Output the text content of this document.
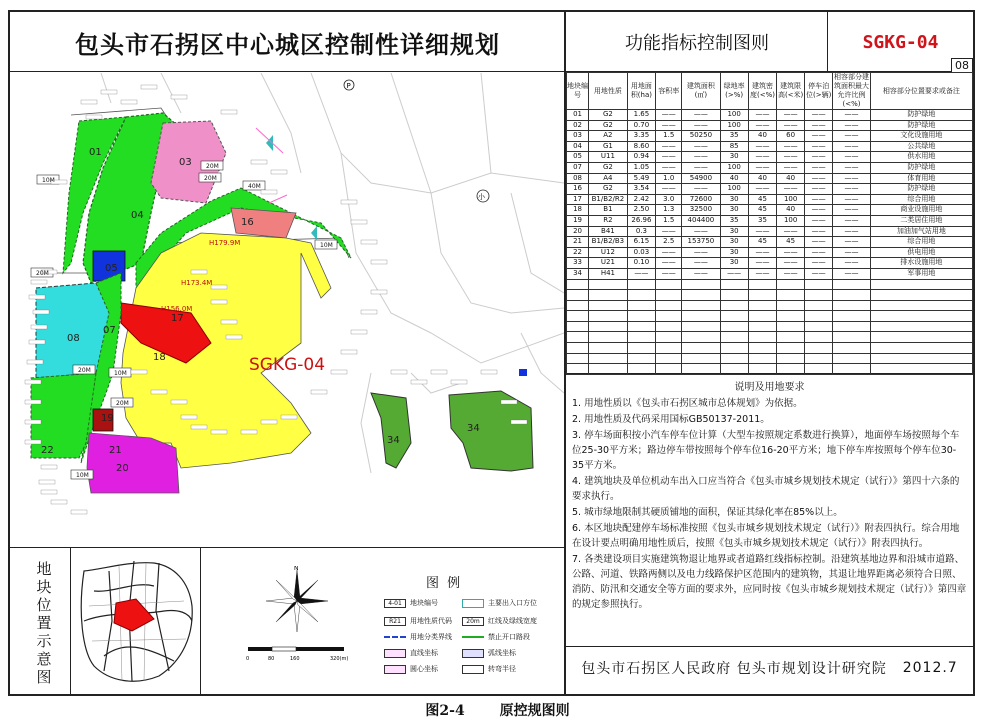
包头市石拐区中心城区控制性详细规划	功能指标控制图则	SGKG-04
08
地块编号	用地性质	用地面积(ha)	容积率	建筑面积(㎡)	绿地率(>%)	建筑密度(<%)	建筑限高(<米)	停车泊位(>辆)	相容部分建筑面积最大允许比例(<%)	相容部分位置要求或备注
01	G2	1.65	——	——	100	——	——	——	——	防护绿地
02	G2	0.70	——	——	100	——	——	——	——	防护绿地
03	A2	3.35	1.5	50250	35	40	60	——	——	文化设施用地
04	G1	8.60	——	——	85	——	——	——	——	公共绿地
05	U11	0.94	——	——	30	——	——	——	——	供水用地
07	G2	1.05	——	——	100	——	——	——	——	防护绿地
08	A4	5.49	1.0	54900	40	40	40	——	——	体育用地
16	G2	3.54	——	——	100	——	——	——	——	防护绿地
17	B1/B2/R2	2.42	3.0	72600	30	45	100	——	——	综合用地
18	B1	2.50	1.3	32500	30	45	40	——	——	商业设施用地
19	R2	26.96	1.5	404400	35	35	100	——	——	二类居住用地
20	B41	0.3	——	——	30	——	——	——	——	加油加气站用地
21	B1/B2/B3	6.15	2.5	153750	30	45	45	——	——	综合用地
22	U12	0.03	——	——	30	——	——	——	——	供电用地
33	U21	0.10	——	——	30	——	——	——	——	排水设施用地
34	H41	——	——	——	——	——	——	——	——	军事用地

说明及用地要求

1. 用地性质以《包头市石拐区城市总体规划》为依据。

2. 用地性质及代码采用国标GB50137-2011。

3. 停车场面积按小汽车停车位计算（大型车按照规定系数进行换算），地面停车场按照每个车位25-30平方米；路边停车带按照每个停车位16-20平方米；地下停车库按照每个停车位30-35平方米。

4. 建筑地块及单位机动车出入口应当符合《包头市城乡规划技术规定（试行）》第四十六条的要求执行。

5. 城市绿地限制其硬质铺地的面积，保证其绿化率在85%以上。

6. 本区地块配建停车场标准按照《包头市城乡规划技术规定（试行）》附表四执行。综合用地在设计要点明确用地性质后，按照《包头市城乡规划技术规定（试行）》附表四执行。

7. 各类建设项目实施建筑物退让地界或者道路红线指标控制。沿建筑基地边界和沿城市道路、公路、河道、铁路两侧以及电力线路保护区范围内的建筑物，其退让地界距离必须符合日照、消防、防汛和交通安全等方面的要求外，应同时按《包头市城乡规划技术规定（试行）》第四章的规定参照执行。

包头市石拐区人民政府 包头市规划设计研究院 2012.7
01
03
04
05
07
08
16
17
18
19
20
21
22
34
34
10M	20M
20M
40M
10M
20M
20M	10M
20M
10M
H179.9M
H173.4M
H156.0M
SGKG-04
P
小
地块位置示意图
N
0	80	160	320(m)
图 例
4-01	地块编号	主要出入口方位
R21	用地性质代码	20m	红线及绿线宽度
用地分类界线	禁止开口路段
直线坐标	弧线坐标
圆心坐标	转弯半径
图2-4 原控规图则
